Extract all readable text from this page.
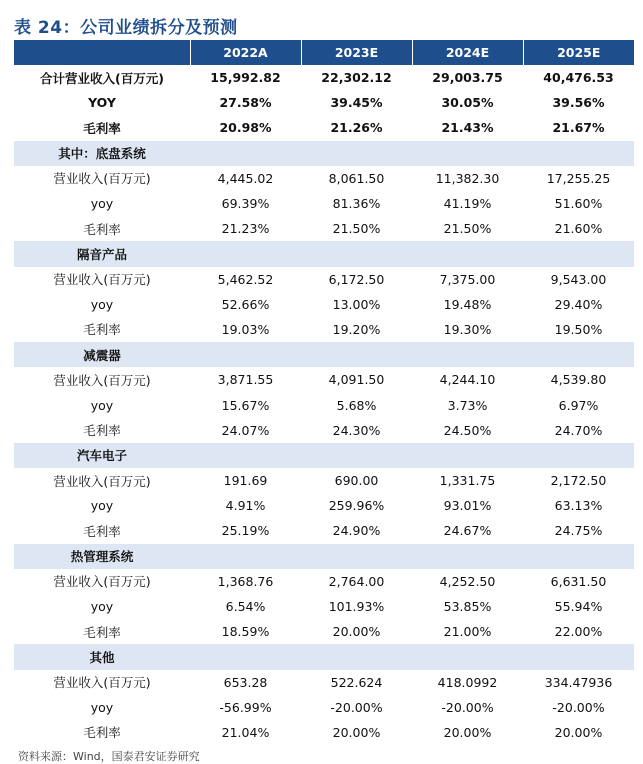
表 24：公司业绩拆分及预测
	2022A	2023E	2024E	2025E
合计营业收入(百万元)	15,992.82	22,302.12	29,003.75	40,476.53
YOY	27.58%	39.45%	30.05%	39.56%
毛利率	20.98%	21.26%	21.43%	21.67%
其中：底盘系统				
营业收入(百万元)	4,445.02	8,061.50	11,382.30	17,255.25
yoy	69.39%	81.36%	41.19%	51.60%
毛利率	21.23%	21.50%	21.50%	21.60%
隔音产品				
营业收入(百万元)	5,462.52	6,172.50	7,375.00	9,543.00
yoy	52.66%	13.00%	19.48%	29.40%
毛利率	19.03%	19.20%	19.30%	19.50%
减震器				
营业收入(百万元)	3,871.55	4,091.50	4,244.10	4,539.80
yoy	15.67%	5.68%	3.73%	6.97%
毛利率	24.07%	24.30%	24.50%	24.70%
汽车电子				
营业收入(百万元)	191.69	690.00	1,331.75	2,172.50
yoy	4.91%	259.96%	93.01%	63.13%
毛利率	25.19%	24.90%	24.67%	24.75%
热管理系统				
营业收入(百万元)	1,368.76	2,764.00	4,252.50	6,631.50
yoy	6.54%	101.93%	53.85%	55.94%
毛利率	18.59%	20.00%	21.00%	22.00%
其他				
营业收入(百万元)	653.28	522.624	418.0992	334.47936
yoy	-56.99%	-20.00%	-20.00%	-20.00%
毛利率	21.04%	20.00%	20.00%	20.00%
资料来源：Wind，国泰君安证券研究
